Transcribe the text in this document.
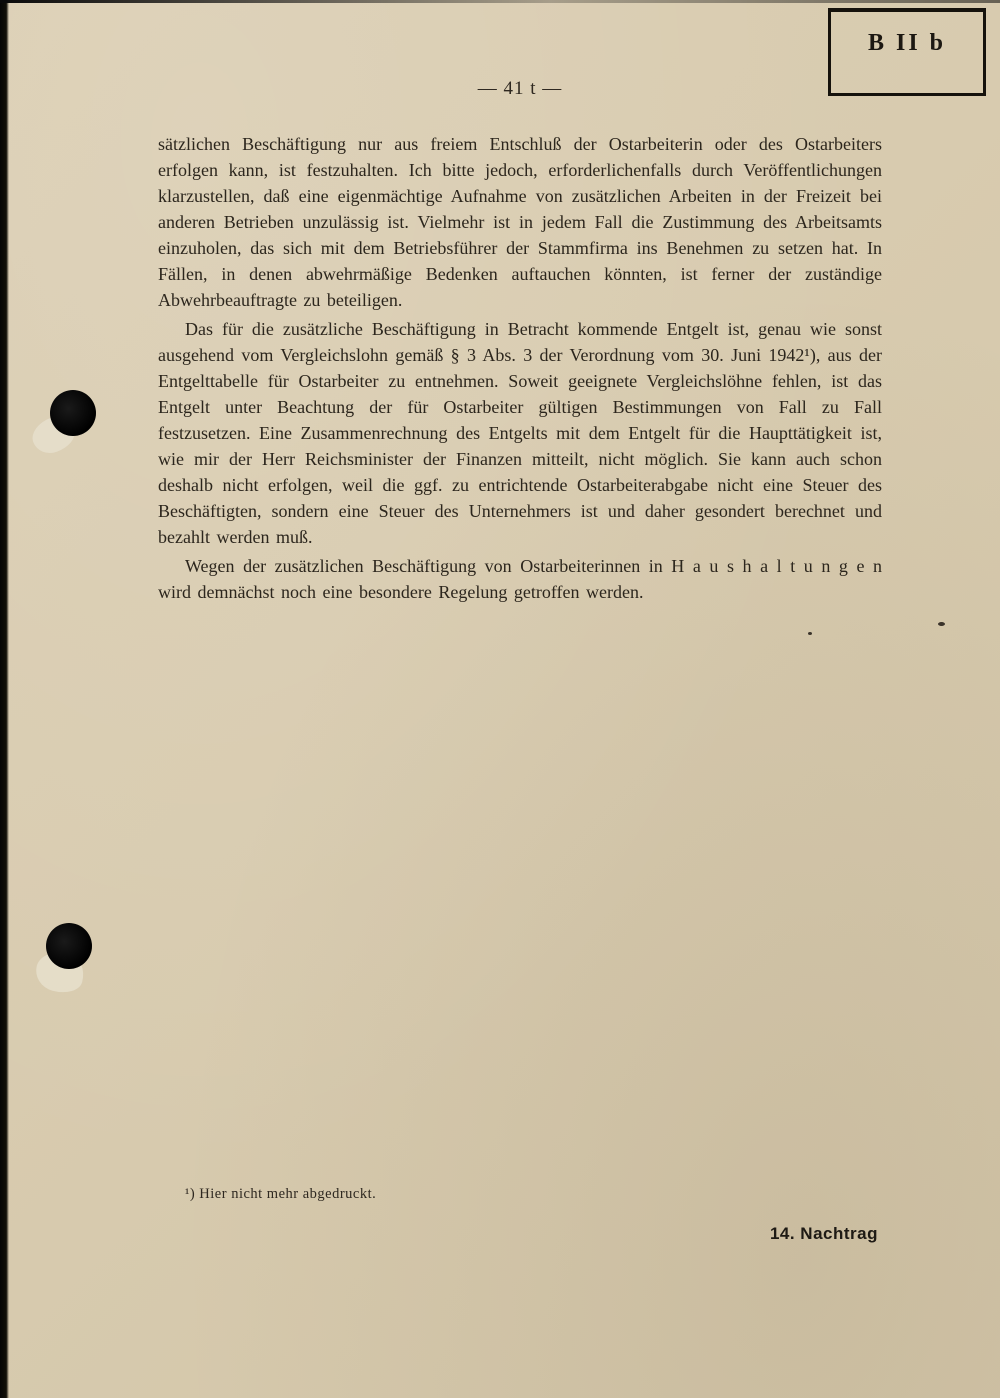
— 41 t —
B II b

sätzlichen Beschäftigung nur aus freiem Entschluß der Ostarbeiterin oder des Ostarbeiters erfolgen kann, ist festzuhalten. Ich bitte jedoch, erforderlichenfalls durch Veröffentlichungen klarzustellen, daß eine eigenmächtige Aufnahme von zusätzlichen Arbeiten in der Freizeit bei anderen Betrieben unzulässig ist. Vielmehr ist in jedem Fall die Zustimmung des Arbeitsamts einzuholen, das sich mit dem Betriebsführer der Stammfirma ins Benehmen zu setzen hat. In Fällen, in denen abwehrmäßige Bedenken auftauchen könnten, ist ferner der zuständige Abwehrbeauftragte zu beteiligen.

Das für die zusätzliche Beschäftigung in Betracht kommende Entgelt ist, genau wie sonst ausgehend vom Vergleichslohn gemäß § 3 Abs. 3 der Verordnung vom 30. Juni 1942¹), aus der Entgelttabelle für Ostarbeiter zu entnehmen. Soweit geeignete Vergleichslöhne fehlen, ist das Entgelt unter Beachtung der für Ostarbeiter gültigen Bestimmungen von Fall zu Fall festzusetzen. Eine Zusammenrechnung des Entgelts mit dem Entgelt für die Haupttätigkeit ist, wie mir der Herr Reichsminister der Finanzen mitteilt, nicht möglich. Sie kann auch schon deshalb nicht erfolgen, weil die ggf. zu entrichtende Ostarbeiterabgabe nicht eine Steuer des Beschäftigten, sondern eine Steuer des Unternehmers ist und daher gesondert berechnet und bezahlt werden muß.

Wegen der zusätzlichen Beschäftigung von Ostarbeiterinnen in H a u s h a l t u n g e n wird demnächst noch eine besondere Regelung getroffen werden.

¹) Hier nicht mehr abgedruckt.
14. Nachtrag
